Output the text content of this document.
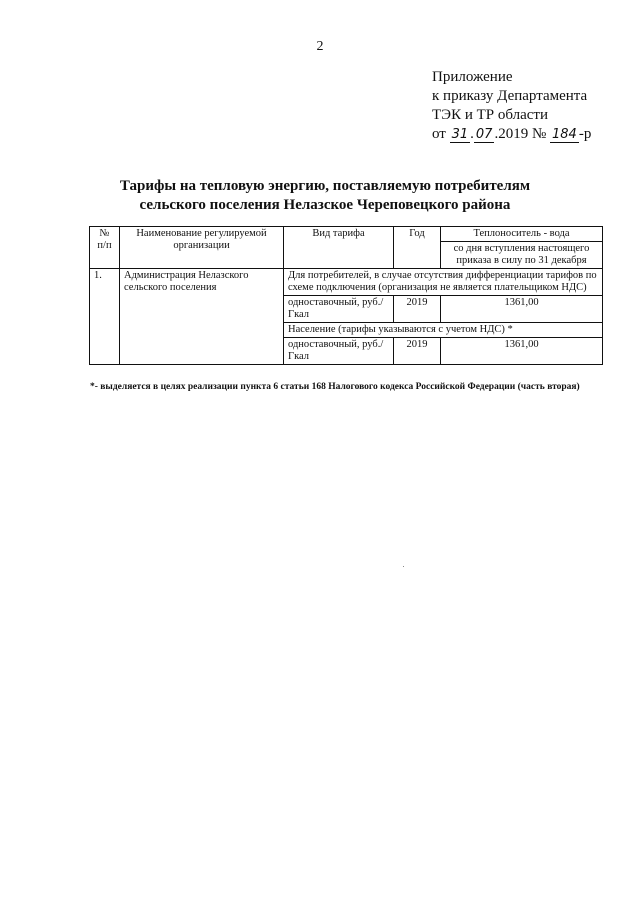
2
Приложение
к приказу Департамента
ТЭК и ТР области
от 31 . 07 .2019 № 184 -р
Тарифы на тепловую энергию, поставляемую потребителям
сельского поселения Нелазское Череповецкого района
№ п/п	Наименование регулируемой организации	Вид тарифа	Год	Теплоноситель - вода
				со дня вступления настоящего приказа в силу по 31 декабря
1.	Администрация Нелазского сельского поселения	Для потребителей, в случае отсутствия дифференциации тарифов по схеме подключения (организация не является плательщиком НДС)		
		одноставочный, руб./Гкал	2019	1361,00
		Население (тарифы указываются с учетом НДС) *		
		одноставочный, руб./Гкал	2019	1361,00
*- выделяется в целях реализации пункта 6 статьи 168 Налогового кодекса Российской Федерации (часть вторая)
